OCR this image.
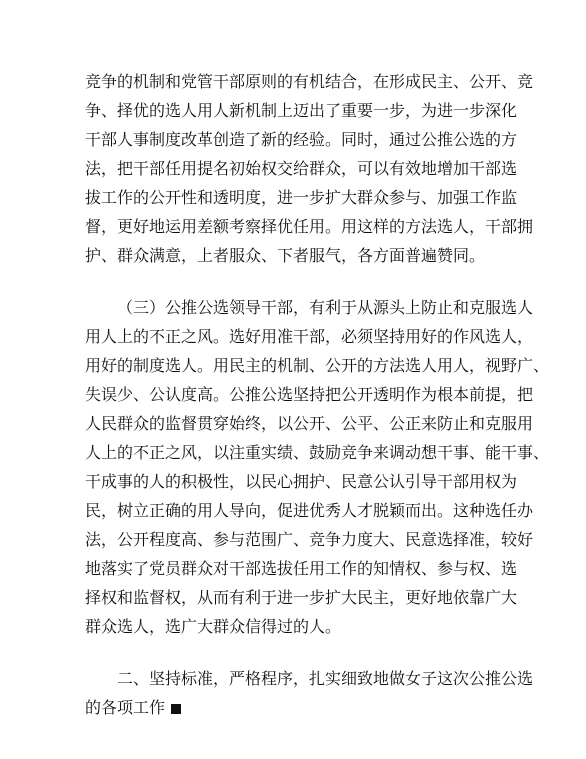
竞争的机制和党管干部原则的有机结合，在形成民主、公开、竞
争、择优的选人用人新机制上迈出了重要一步，为进一步深化
干部人事制度改革创造了新的经验。同时，通过公推公选的方
法，把干部任用提名初始权交给群众，可以有效地增加干部选
拔工作的公开性和透明度，进一步扩大群众参与、加强工作监
督，更好地运用差额考察择优任用。用这样的方法选人，干部拥
护、群众满意，上者服众、下者服气，各方面普遍赞同。
（三）公推公选领导干部，有利于从源头上防止和克服选人
用人上的不正之风。选好用准干部，必须坚持用好的作风选人，
用好的制度选人。用民主的机制、公开的方法选人用人，视野广、
失误少、公认度高。公推公选坚持把公开透明作为根本前提，把
人民群众的监督贯穿始终，以公开、公平、公正来防止和克服用
人上的不正之风，以注重实绩、鼓励竞争来调动想干事、能干事、
干成事的人的积极性，以民心拥护、民意公认引导干部用权为
民，树立正确的用人导向，促进优秀人才脱颖而出。这种选任办
法，公开程度高、参与范围广、竞争力度大、民意选择准，较好
地落实了党员群众对干部选拔任用工作的知情权、参与权、选
择权和监督权，从而有利于进一步扩大民主，更好地依靠广大
群众选人，选广大群众信得过的人。
二、坚持标准，严格程序，扎实细致地做女子这次公推公选
的各项工作
